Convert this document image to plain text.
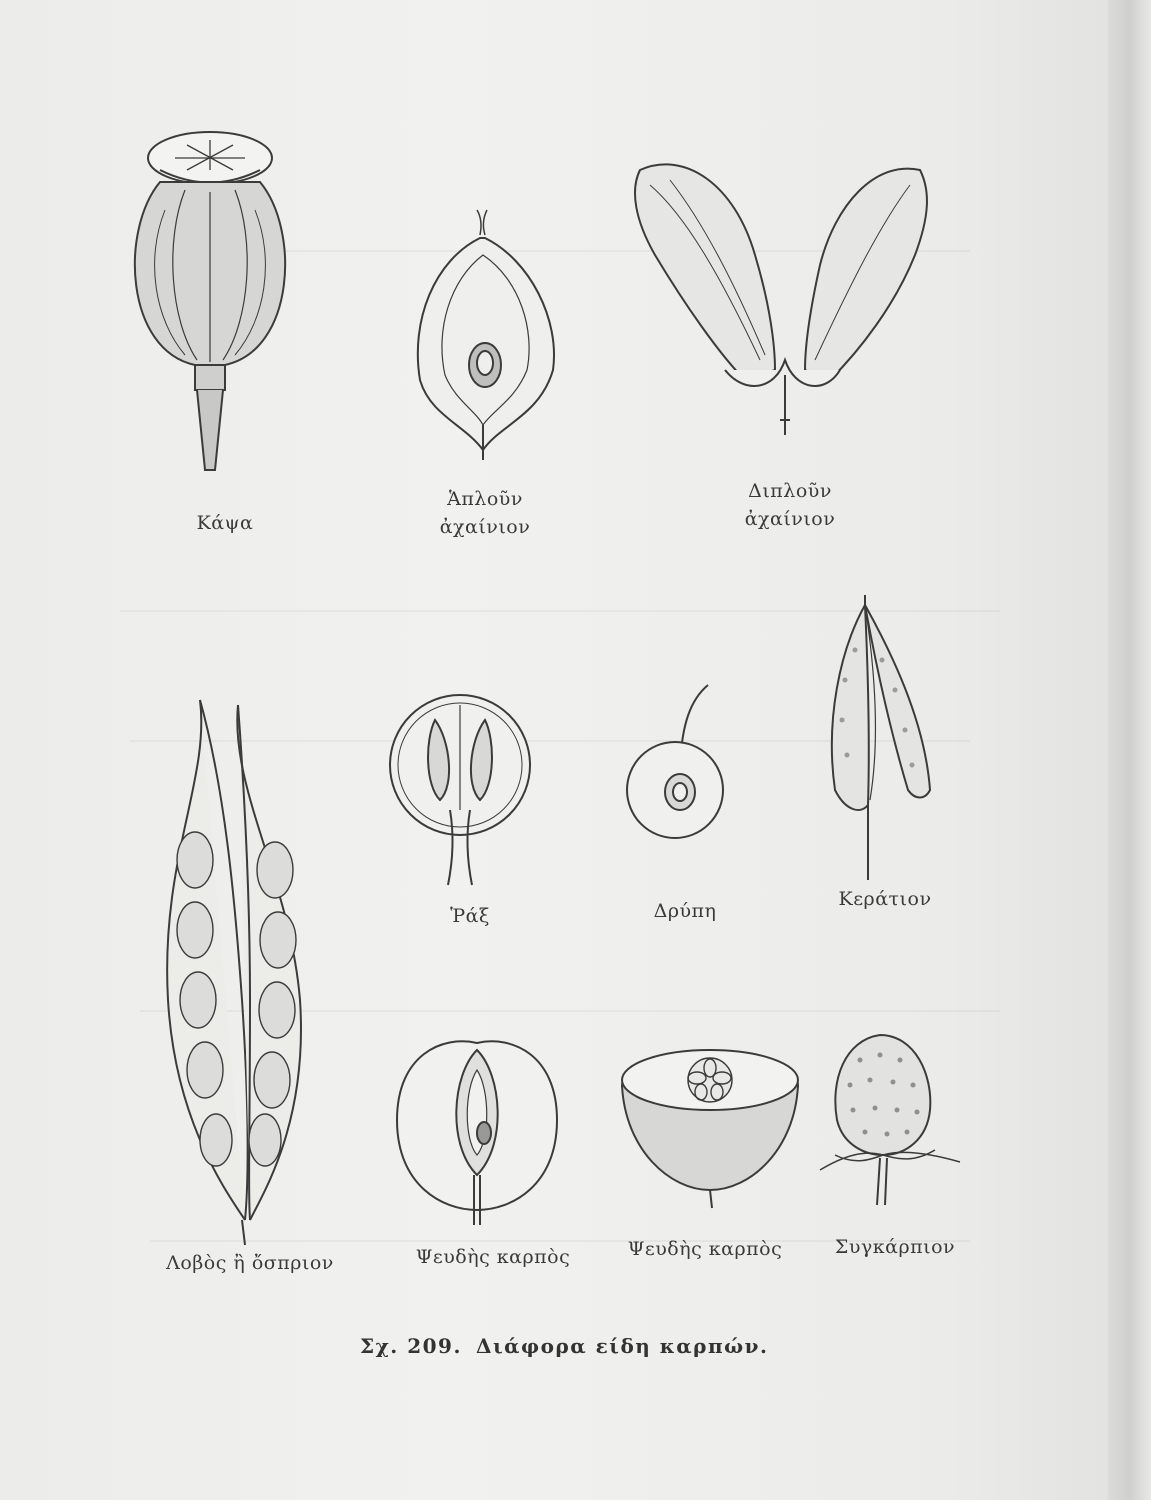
Κάψα
Ἁπλοῦν
ἀχαίνιον
Διπλοῦν
ἀχαίνιον
Λοβὸς ἢ ὄσπριον
Ῥάξ	Δρύπη
Κεράτιον
Ψευδὴς καρπὸς	Ψευδὴς καρπὸς	Συγκάρπιον
Σχ. 209. Διάφορα είδη καρπών.
